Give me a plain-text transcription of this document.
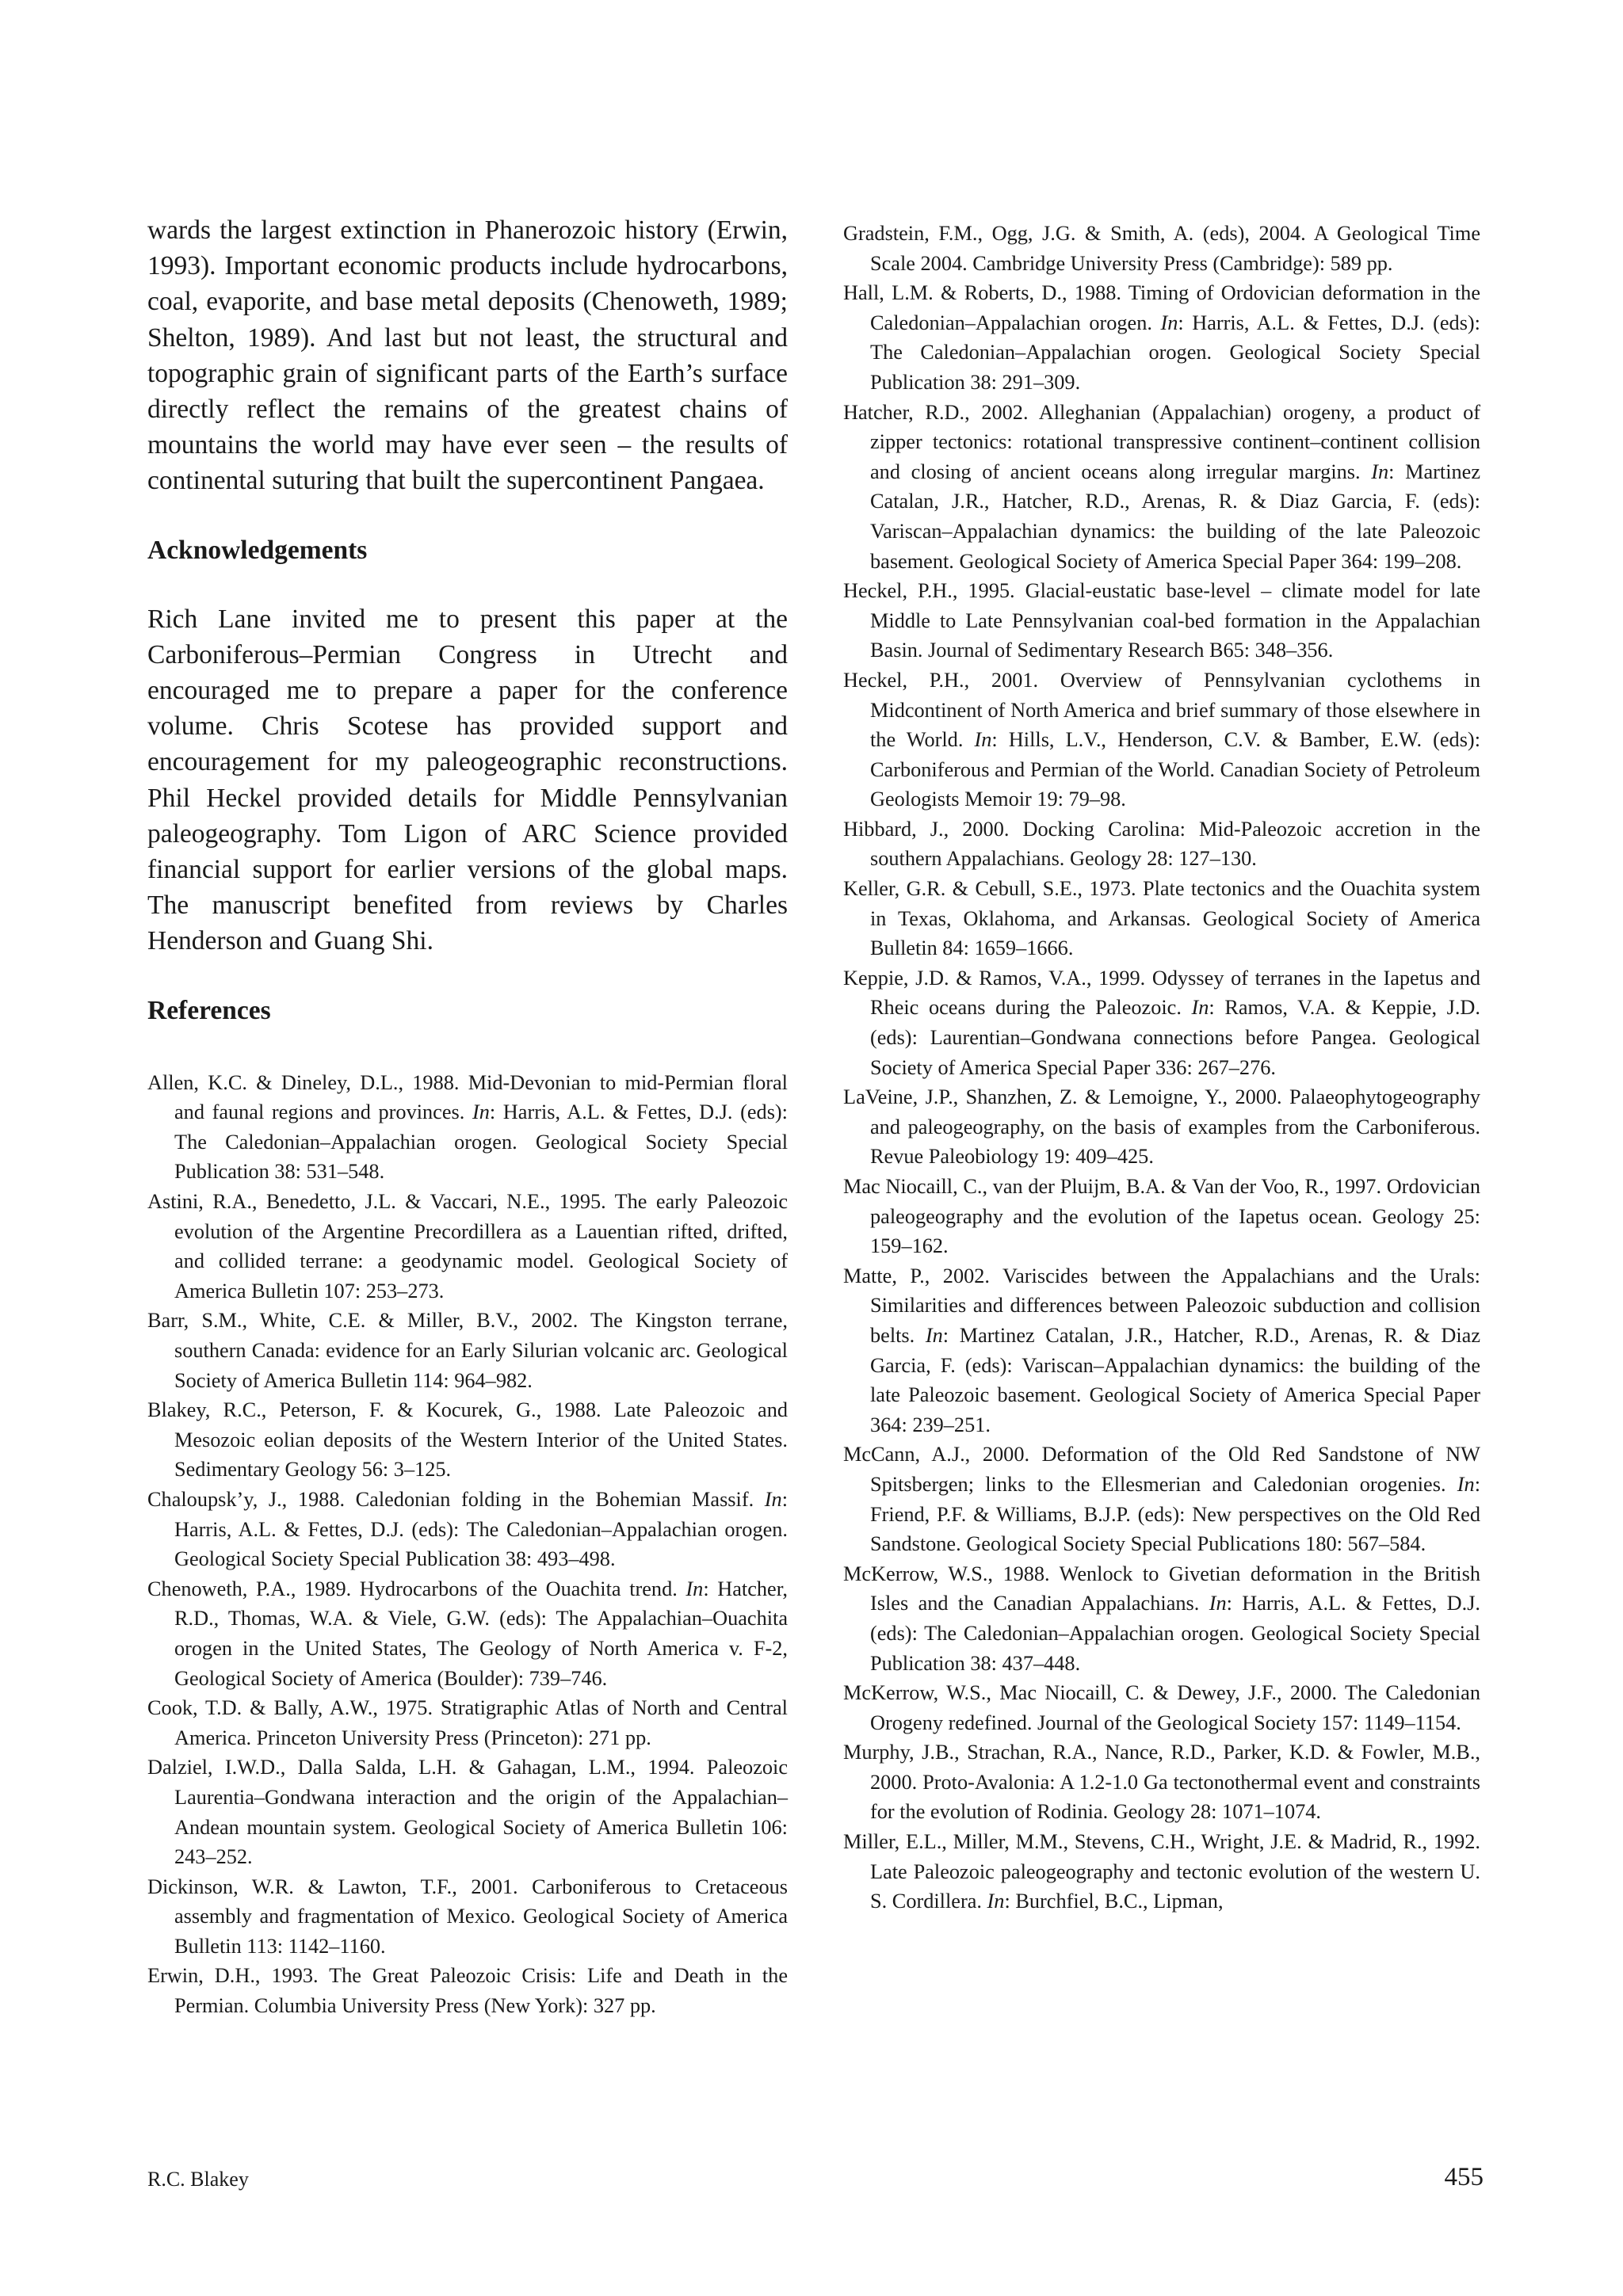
wards the largest extinction in Phanerozoic history (Erwin, 1993). Important economic products include hydrocarbons, coal, evaporite, and base metal deposits (Chenoweth, 1989; Shelton, 1989). And last but not least, the structural and topographic grain of significant parts of the Earth’s surface directly reflect the remains of the greatest chains of mountains the world may have ever seen – the results of continental suturing that built the supercontinent Pangaea.

Acknowledgements

Rich Lane invited me to present this paper at the Carboniferous–Permian Congress in Utrecht and encouraged me to prepare a paper for the conference volume. Chris Scotese has provided support and encouragement for my paleogeographic reconstructions. Phil Heckel provided details for Middle Pennsylvanian paleogeography. Tom Ligon of ARC Science provided financial support for earlier versions of the global maps. The manuscript benefited from reviews by Charles Henderson and Guang Shi.

References

Allen, K.C. & Dineley, D.L., 1988. Mid-Devonian to mid-Permian floral and faunal regions and provinces. In: Harris, A.L. & Fettes, D.J. (eds): The Caledonian–Appalachian orogen. Geological Society Special Publication 38: 531–548.

Astini, R.A., Benedetto, J.L. & Vaccari, N.E., 1995. The early Paleozoic evolution of the Argentine Precordillera as a Lauentian rifted, drifted, and collided terrane: a geodynamic model. Geological Society of America Bulletin 107: 253–273.

Barr, S.M., White, C.E. & Miller, B.V., 2002. The Kingston terrane, southern Canada: evidence for an Early Silurian volcanic arc. Geological Society of America Bulletin 114: 964–982.

Blakey, R.C., Peterson, F. & Kocurek, G., 1988. Late Paleozoic and Mesozoic eolian deposits of the Western Interior of the United States. Sedimentary Geology 56: 3–125.

Chaloupsk’y, J., 1988. Caledonian folding in the Bohemian Massif. In: Harris, A.L. & Fettes, D.J. (eds): The Caledonian–Appalachian orogen. Geological Society Special Publication 38: 493–498.

Chenoweth, P.A., 1989. Hydrocarbons of the Ouachita trend. In: Hatcher, R.D., Thomas, W.A. & Viele, G.W. (eds): The Appalachian–Ouachita orogen in the United States, The Geology of North America v. F-2, Geological Society of America (Boulder): 739–746.

Cook, T.D. & Bally, A.W., 1975. Stratigraphic Atlas of North and Central America. Princeton University Press (Princeton): 271 pp.

Dalziel, I.W.D., Dalla Salda, L.H. & Gahagan, L.M., 1994. Paleozoic Laurentia–Gondwana interaction and the origin of the Appalachian–Andean mountain system. Geological Society of America Bulletin 106: 243–252.

Dickinson, W.R. & Lawton, T.F., 2001. Carboniferous to Cretaceous assembly and fragmentation of Mexico. Geological Society of America Bulletin 113: 1142–1160.

Erwin, D.H., 1993. The Great Paleozoic Crisis: Life and Death in the Permian. Columbia University Press (New York): 327 pp.

Gradstein, F.M., Ogg, J.G. & Smith, A. (eds), 2004. A Geological Time Scale 2004. Cambridge University Press (Cambridge): 589 pp.

Hall, L.M. & Roberts, D., 1988. Timing of Ordovician deformation in the Caledonian–Appalachian orogen. In: Harris, A.L. & Fettes, D.J. (eds): The Caledonian–Appalachian orogen. Geological Society Special Publication 38: 291–309.

Hatcher, R.D., 2002. Alleghanian (Appalachian) orogeny, a product of zipper tectonics: rotational transpressive continent–continent collision and closing of ancient oceans along irregular margins. In: Martinez Catalan, J.R., Hatcher, R.D., Arenas, R. & Diaz Garcia, F. (eds): Variscan–Appalachian dynamics: the building of the late Paleozoic basement. Geological Society of America Special Paper 364: 199–208.

Heckel, P.H., 1995. Glacial-eustatic base-level – climate model for late Middle to Late Pennsylvanian coal-bed formation in the Appalachian Basin. Journal of Sedimentary Research B65: 348–356.

Heckel, P.H., 2001. Overview of Pennsylvanian cyclothems in Midcontinent of North America and brief summary of those elsewhere in the World. In: Hills, L.V., Henderson, C.V. & Bamber, E.W. (eds): Carboniferous and Permian of the World. Canadian Society of Petroleum Geologists Memoir 19: 79–98.

Hibbard, J., 2000. Docking Carolina: Mid-Paleozoic accretion in the southern Appalachians. Geology 28: 127–130.

Keller, G.R. & Cebull, S.E., 1973. Plate tectonics and the Ouachita system in Texas, Oklahoma, and Arkansas. Geological Society of America Bulletin 84: 1659–1666.

Keppie, J.D. & Ramos, V.A., 1999. Odyssey of terranes in the Iapetus and Rheic oceans during the Paleozoic. In: Ramos, V.A. & Keppie, J.D. (eds): Laurentian–Gondwana connections before Pangea. Geological Society of America Special Paper 336: 267–276.

LaVeine, J.P., Shanzhen, Z. & Lemoigne, Y., 2000. Palaeophytogeography and paleogeography, on the basis of examples from the Carboniferous. Revue Paleobiology 19: 409–425.

Mac Niocaill, C., van der Pluijm, B.A. & Van der Voo, R., 1997. Ordovician paleogeography and the evolution of the Iapetus ocean. Geology 25: 159–162.

Matte, P., 2002. Variscides between the Appalachians and the Urals: Similarities and differences between Paleozoic subduction and collision belts. In: Martinez Catalan, J.R., Hatcher, R.D., Arenas, R. & Diaz Garcia, F. (eds): Variscan–Appalachian dynamics: the building of the late Paleozoic basement. Geological Society of America Special Paper 364: 239–251.

McCann, A.J., 2000. Deformation of the Old Red Sandstone of NW Spitsbergen; links to the Ellesmerian and Caledonian orogenies. In: Friend, P.F. & Williams, B.J.P. (eds): New perspectives on the Old Red Sandstone. Geological Society Special Publications 180: 567–584.

McKerrow, W.S., 1988. Wenlock to Givetian deformation in the British Isles and the Canadian Appalachians. In: Harris, A.L. & Fettes, D.J. (eds): The Caledonian–Appalachian orogen. Geological Society Special Publication 38: 437–448.

McKerrow, W.S., Mac Niocaill, C. & Dewey, J.F., 2000. The Caledonian Orogeny redefined. Journal of the Geological Society 157: 1149–1154.

Murphy, J.B., Strachan, R.A., Nance, R.D., Parker, K.D. & Fowler, M.B., 2000. Proto-Avalonia: A 1.2-1.0 Ga tectonothermal event and constraints for the evolution of Rodinia. Geology 28: 1071–1074.

Miller, E.L., Miller, M.M., Stevens, C.H., Wright, J.E. & Madrid, R., 1992. Late Paleozoic paleogeography and tectonic evolution of the western U. S. Cordillera. In: Burchfiel, B.C., Lipman,

R.C. Blakey	455
